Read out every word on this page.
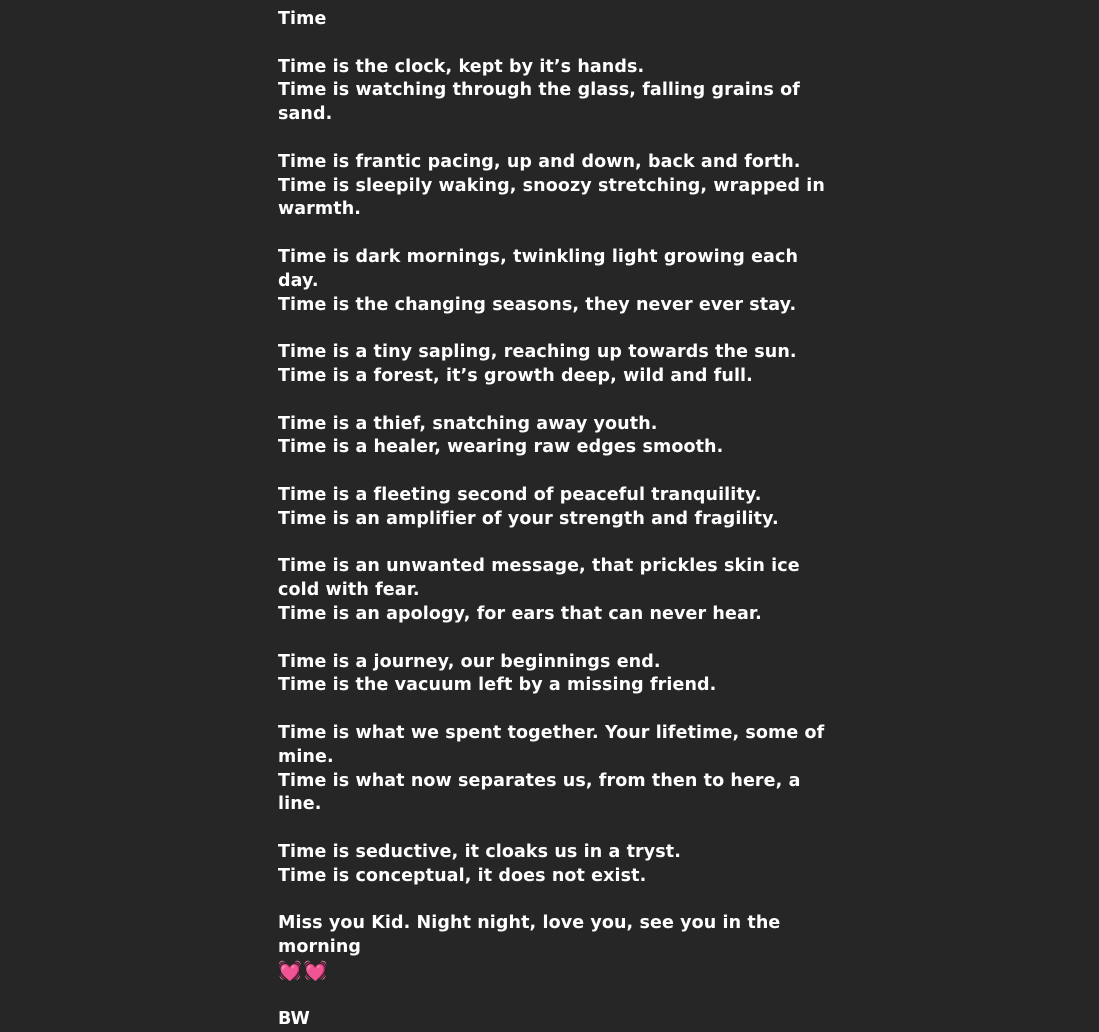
Time
Time is the clock, kept by it’s hands.
Time is watching through the glass, falling grains of sand.
Time is frantic pacing, up and down, back and forth.
Time is sleepily waking, snoozy stretching, wrapped in warmth.
Time is dark mornings, twinkling light growing each day.
Time is the changing seasons, they never ever stay.
Time is a tiny sapling, reaching up towards the sun.
Time is a forest, it’s growth deep, wild and full.
Time is a thief, snatching away youth.
Time is a healer, wearing raw edges smooth.
Time is a fleeting second of peaceful tranquility.
Time is an amplifier of your strength and fragility.
Time is an unwanted message, that prickles skin ice cold with fear.
Time is an apology, for ears that can never hear.
Time is a journey, our beginnings end.
Time is the vacuum left by a missing friend.
Time is what we spent together. Your lifetime, some of mine.
Time is what now separates us, from then to here, a line.
Time is seductive, it cloaks us in a tryst.
Time is conceptual, it does not exist.
Miss you Kid. Night night, love you, see you in the morning
💓 💓
BW
